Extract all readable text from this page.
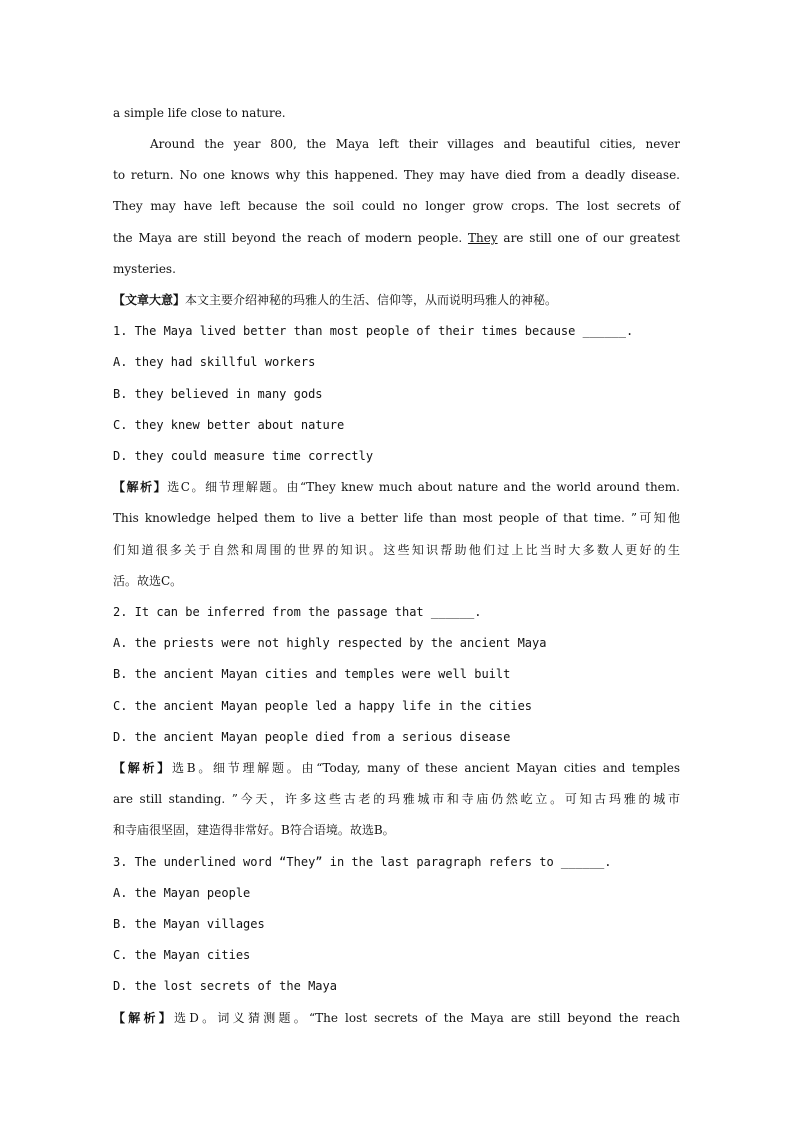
a simple life close to nature.
Around the year 800, the Maya left their villages and beautiful cities, never
to return. No one knows why this happened. They may have died from a deadly disease.
They may have left because the soil could no longer grow crops. The lost secrets of
the Maya are still beyond the reach of modern people. They are still one of our greatest
mysteries.
【文章大意】本文主要介绍神秘的玛雅人的生活、信仰等，从而说明玛雅人的神秘。
1. The Maya lived better than most people of their times because ______.
A. they had skillful workers
B. they believed in many gods
C. they knew better about nature
D. they could measure time correctly
【解析】选C。细节理解题。由“They knew much about nature and the world around them.
This knowledge helped them to live a better life than most people of that time. ”可知他
们知道很多关于自然和周围的世界的知识。这些知识帮助他们过上比当时大多数人更好的生
活。故选C。
2. It can be inferred from the passage that ______.
A. the priests were not highly respected by the ancient Maya
B. the ancient Mayan cities and temples were well built
C. the ancient Mayan people led a happy life in the cities
D. the ancient Mayan people died from a serious disease
【解析】选B。细节理解题。由“Today, many of these ancient Mayan cities and temples
are still standing. ”今天，许多这些古老的玛雅城市和寺庙仍然屹立。可知古玛雅的城市
和寺庙很坚固，建造得非常好。B符合语境。故选B。
3. The underlined word “They” in the last paragraph refers to ______.
A. the Mayan people
B. the Mayan villages
C. the Mayan cities
D. the lost secrets of the Maya
【解析】选D。词义猜测题。“The lost secrets of the Maya are still beyond the reach
